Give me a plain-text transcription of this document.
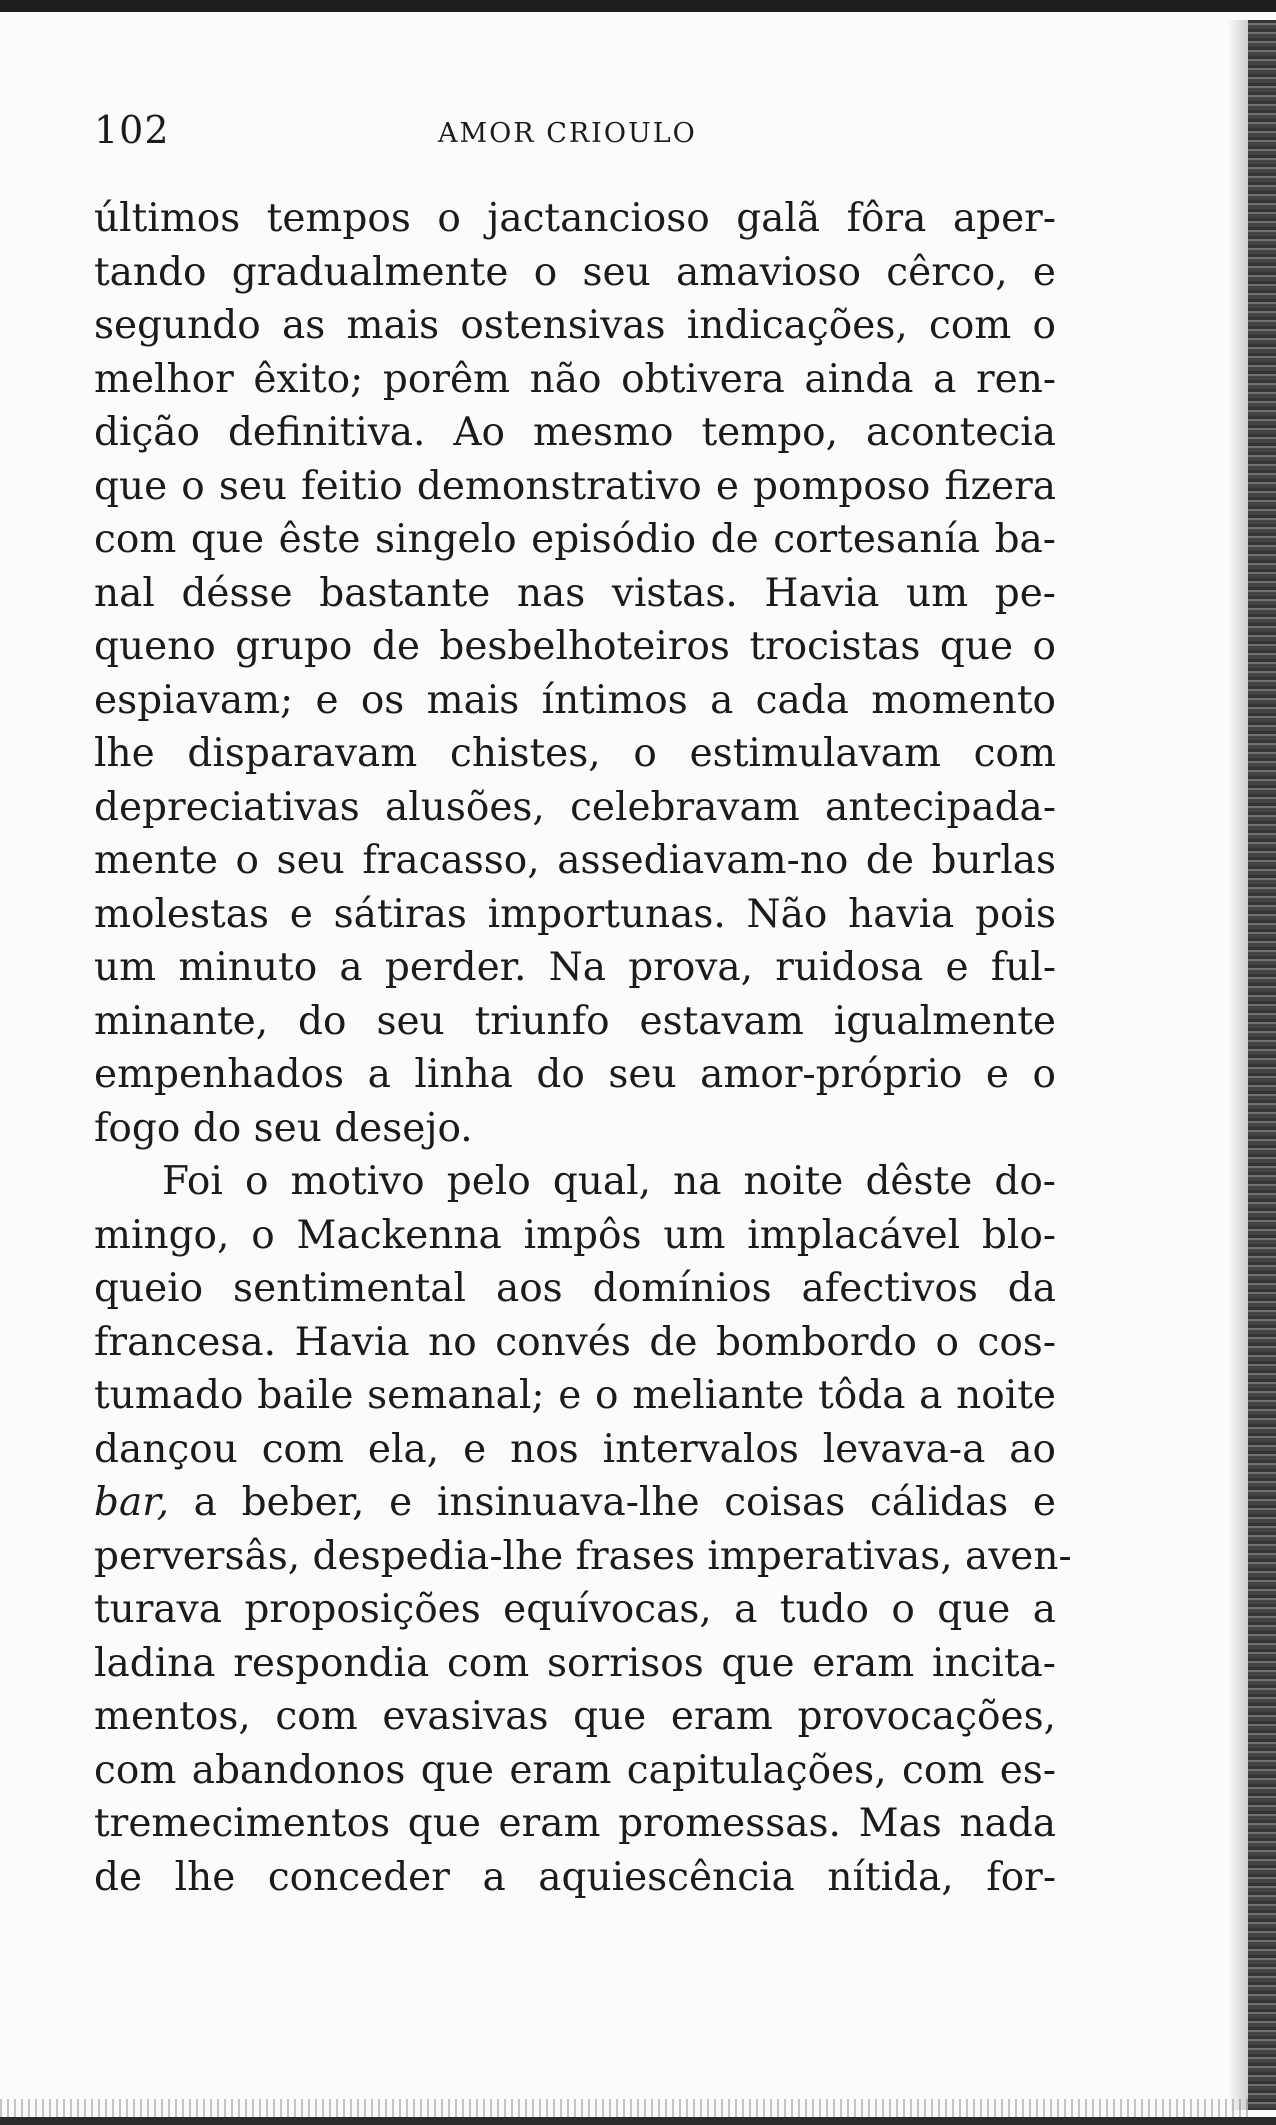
102	AMOR CRIOULO
últimos tempos o jactancioso galã fôra aper-
tando gradualmente o seu amavioso cêrco, e
segundo as mais ostensivas indicações, com o
melhor êxito; porêm não obtivera ainda a ren-
dição definitiva. Ao mesmo tempo, acontecia
que o seu feitio demonstrativo e pomposo fizera
com que êste singelo episódio de cortesanía ba-
nal désse bastante nas vistas. Havia um pe-
queno grupo de besbelhoteiros trocistas que o
espiavam; e os mais íntimos a cada momento
lhe disparavam chistes, o estimulavam com
depreciativas alusões, celebravam antecipada-
mente o seu fracasso, assediavam-no de burlas
molestas e sátiras importunas. Não havia pois
um minuto a perder. Na prova, ruidosa e ful-
minante, do seu triunfo estavam igualmente
empenhados a linha do seu amor-próprio e o
fogo do seu desejo.
Foi o motivo pelo qual, na noite dêste do-
mingo, o Mackenna impôs um implacável blo-
queio sentimental aos domínios afectivos da
francesa. Havia no convés de bombordo o cos-
tumado baile semanal; e o meliante tôda a noite
dançou com ela, e nos intervalos levava-a ao
bar, a beber, e insinuava-lhe coisas cálidas e
perversâs, despedia-lhe frases imperativas, aven-
turava proposições equívocas, a tudo o que a
ladina respondia com sorrisos que eram incita-
mentos, com evasivas que eram provocações,
com abandonos que eram capitulações, com es-
tremecimentos que eram promessas. Mas nada
de lhe conceder a aquiescência nítida, for-
